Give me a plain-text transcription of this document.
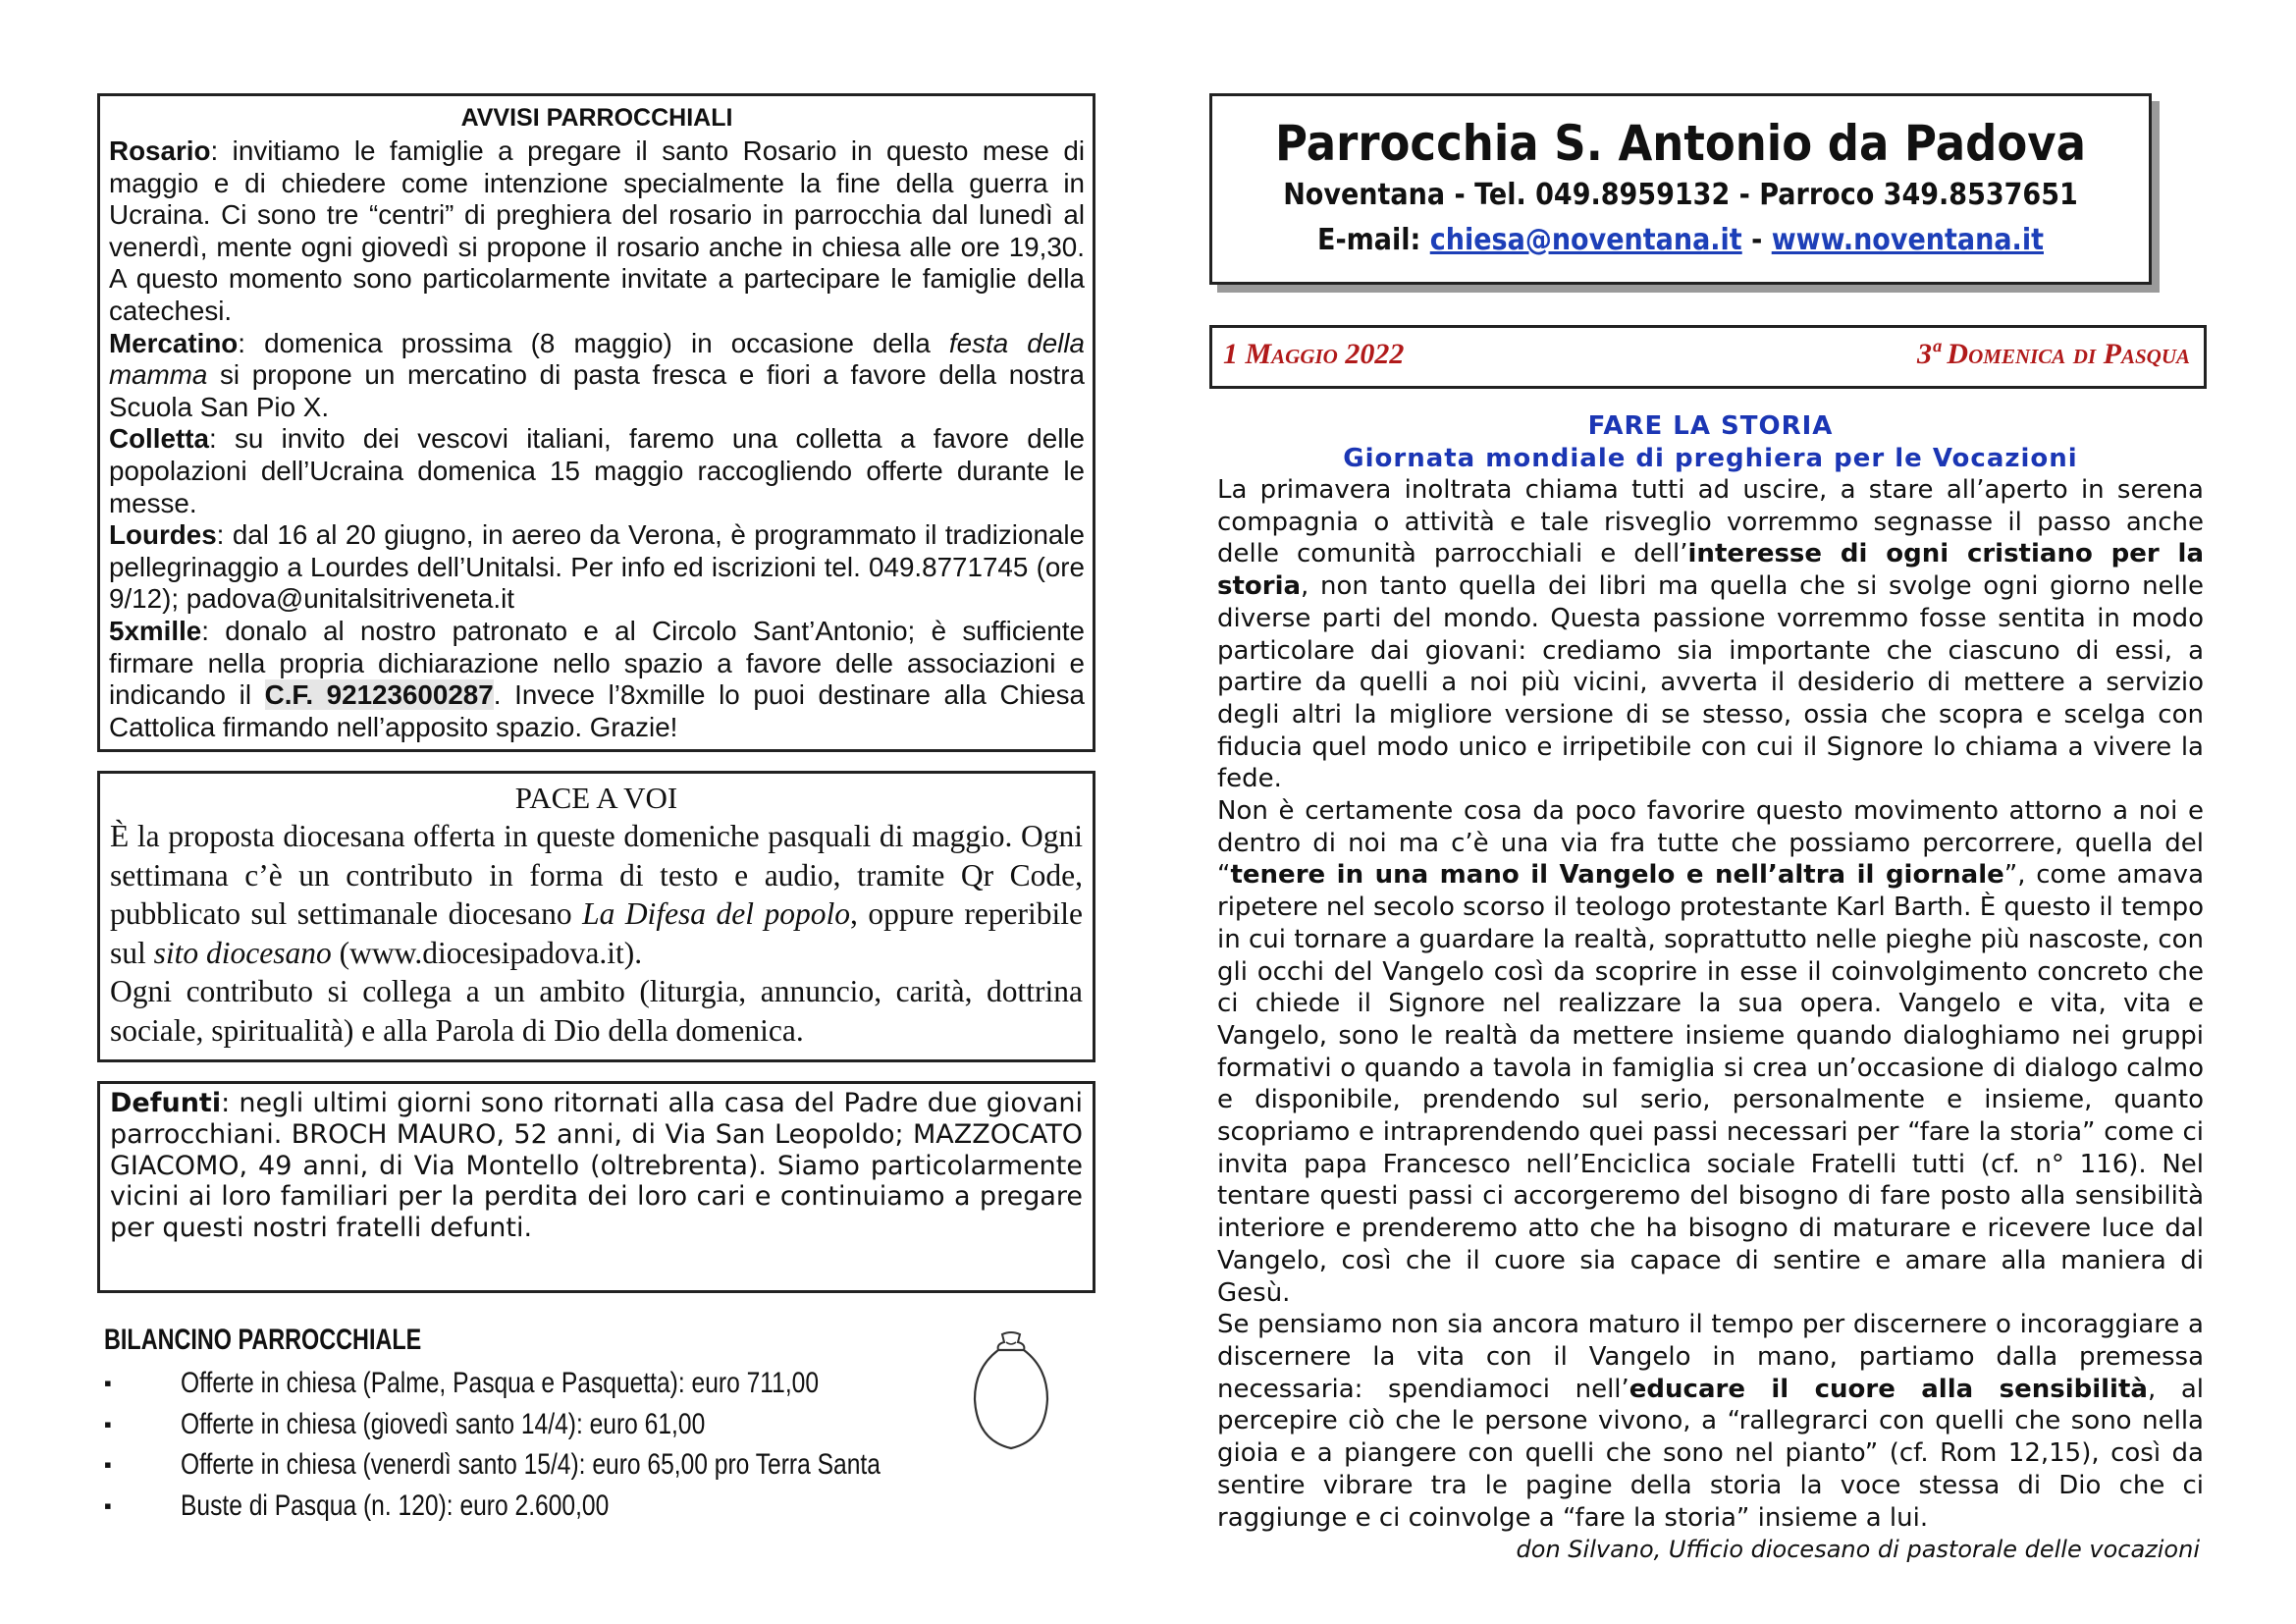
AVVISI PARROCCHIALI

Rosario: invitiamo le famiglie a pregare il santo Rosario in questo mese di maggio e di chiedere come intenzione specialmente la fine della guerra in Ucraina. Ci sono tre “centri” di preghiera del rosario in parrocchia dal lunedì al venerdì, mente ogni giovedì si propone il rosario anche in chiesa alle ore 19,30. A questo momento sono particolarmente invitate a partecipare le famiglie della catechesi.

Mercatino: domenica prossima (8 maggio) in occasione della festa della mamma si propone un mercatino di pasta fresca e fiori a favore della nostra Scuola San Pio X.

Colletta: su invito dei vescovi italiani, faremo una colletta a favore delle popolazioni dell’Ucraina domenica 15 maggio raccogliendo offerte durante le messe.

Lourdes: dal 16 al 20 giugno, in aereo da Verona, è programmato il tradizionale pellegrinaggio a Lourdes dell’Unitalsi. Per info ed iscrizioni tel. 049.8771745 (ore 9/12); padova@unitalsitriveneta.it

5xmille: donalo al nostro patronato e al Circolo Sant’Antonio; è sufficiente firmare nella propria dichiarazione nello spazio a favore delle associazioni e indicando il C.F. 92123600287. Invece l’8xmille lo puoi destinare alla Chiesa Cattolica firmando nell’apposito spazio. Grazie!

PACE A VOI

È la proposta diocesana offerta in queste domeniche pasquali di maggio. Ogni settimana c’è un contributo in forma di testo e audio, tramite Qr Code, pubblicato sul settimanale diocesano La Difesa del popolo, oppure reperibile sul sito diocesano (www.diocesipadova.it).

Ogni contributo si collega a un ambito (liturgia, annuncio, carità, dottrina sociale, spiritualità) e alla Parola di Dio della domenica.

Defunti: negli ultimi giorni sono ritornati alla casa del Padre due giovani parrocchiani. BROCH MAURO, 52 anni, di Via San Leopoldo; MAZZOCATO GIACOMO, 49 anni, di Via Montello (oltrebrenta). Siamo particolarmente vicini ai loro familiari per la perdita dei loro cari e continuiamo a pregare per questi nostri fratelli defunti.

BILANCINO PARROCCHIALE
▪ Offerte in chiesa (Palme, Pasqua e Pasquetta): euro 711,00
▪ Offerte in chiesa (giovedì santo 14/4): euro 61,00
▪ Offerte in chiesa (venerdì santo 15/4): euro 65,00 pro Terra Santa
▪ Buste di Pasqua (n. 120): euro 2.600,00
Parrocchia S. Antonio da Padova
Noventana - Tel. 049.8959132 - Parroco 349.8537651
E-mail: chiesa@noventana.it - www.noventana.it
1 Maggio 2022	3ª Domenica di Pasqua
FARE LA STORIA
Giornata mondiale di preghiera per le Vocazioni

La primavera inoltrata chiama tutti ad uscire, a stare all’aperto in serena compagnia o attività e tale risveglio vorremmo segnasse il passo anche delle comunità parrocchiali e dell’interesse di ogni cristiano per la storia, non tanto quella dei libri ma quella che si svolge ogni giorno nelle diverse parti del mondo. Questa passione vorremmo fosse sentita in modo particolare dai giovani: crediamo sia importante che ciascuno di essi, a partire da quelli a noi più vicini, avverta il desiderio di mettere a servizio degli altri la migliore versione di se stesso, ossia che scopra e scelga con fiducia quel modo unico e irripetibile con cui il Signore lo chiama a vivere la fede.

Non è certamente cosa da poco favorire questo movimento attorno a noi e dentro di noi ma c’è una via fra tutte che possiamo percorrere, quella del “tenere in una mano il Vangelo e nell’altra il giornale”, come amava ripetere nel secolo scorso il teologo protestante Karl Barth. È questo il tempo in cui tornare a guardare la realtà, soprattutto nelle pieghe più nascoste, con gli occhi del Vangelo così da scoprire in esse il coinvolgimento concreto che ci chiede il Signore nel realizzare la sua opera. Vangelo e vita, vita e Vangelo, sono le realtà da mettere insieme quando dialoghiamo nei gruppi formativi o quando a tavola in famiglia si crea un’occasione di dialogo calmo e disponibile, prendendo sul serio, personalmente e insieme, quanto scopriamo e intraprendendo quei passi necessari per “fare la storia” come ci invita papa Francesco nell’Enciclica sociale Fratelli tutti (cf. n° 116). Nel tentare questi passi ci accorgeremo del bisogno di fare posto alla sensibilità interiore e prenderemo atto che ha bisogno di maturare e ricevere luce dal Vangelo, così che il cuore sia capace di sentire e amare alla maniera di Gesù.

Se pensiamo non sia ancora maturo il tempo per discernere o incoraggiare a discernere la vita con il Vangelo in mano, partiamo dalla premessa necessaria: spendiamoci nell’educare il cuore alla sensibilità, al percepire ciò che le persone vivono, a “rallegrarci con quelli che sono nella gioia e a piangere con quelli che sono nel pianto” (cf. Rom 12,15), così da sentire vibrare tra le pagine della storia la voce stessa di Dio che ci raggiunge e ci coinvolge a “fare la storia” insieme a lui.

don Silvano, Ufficio diocesano di pastorale delle vocazioni
